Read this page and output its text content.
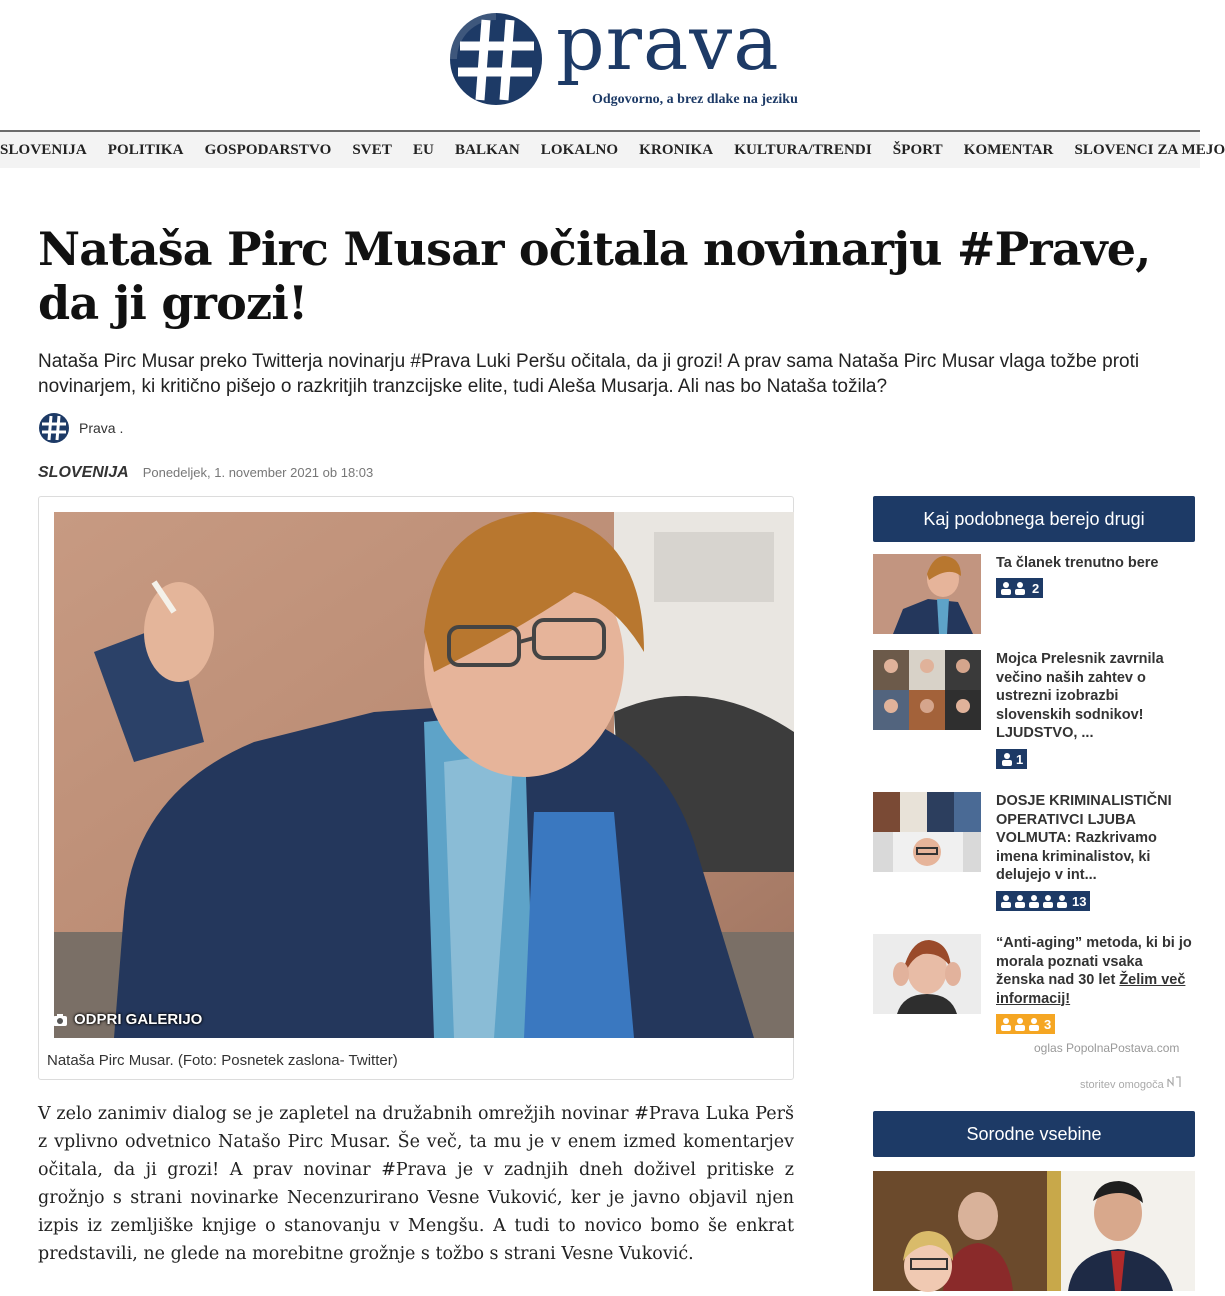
prava
Odgovorno, a brez dlake na jeziku
SLOVENIJA POLITIKA GOSPODARSTVO SVET EU BALKAN LOKALNO KRONIKA KULTURA/TRENDI ŠPORT KOMENTAR SLOVENCI ZA MEJO
Nataša Pirc Musar očitala novinarju #Prave, da ji grozi!

Nataša Pirc Musar preko Twitterja novinarju #Prava Luki Peršu očitala, da ji grozi! A prav sama Nataša Pirc Musar vlaga tožbe proti novinarjem, ki kritično pišejo o razkritjih tranzcijske elite, tudi Aleša Musarja. Ali nas bo Nataša tožila?

Prava .
SLOVENIJA Ponedeljek, 1. november 2021 ob 18:03
Nataša Pirc Musar. (Foto: Posnetek zaslona- Twitter)
ODPRI GALERIJO

V zelo zanimiv dialog se je zapletel na družabnih omrežjih novinar #Prava Luka Perš z vplivno odvetnico Natašo Pirc Musar. Še več, ta mu je v enem izmed komentarjev očitala, da ji grozi! A prav novinar #Prava je v zadnjih dneh doživel pritiske z grožnjo s strani novinarke Necenzurirano Vesne Vuković, ker je javno objavil njen izpis iz zemljiške knjige o stanovanju v Mengšu. A tudi to novico bomo še enkrat predstavili, ne glede na morebitne grožnje s tožbo s strani Vesne Vuković.

Kaj podobnega berejo drugi
Ta članek trenutno bere
2
Mojca Prelesnik zavrnila večino naših zahtev o ustrezni izobrazbi slovenskih sodnikov! LJUDSTVO, ...
1
DOSJE KRIMINALISTIČNI OPERATIVCI LJUBA VOLMUTA: Razkrivamo imena kriminalistov, ki delujejo v int...
13
“Anti-aging” metoda, ki bi jo morala poznati vsaka ženska nad 30 let Želim več informacij!
3
oglas PopolnaPostava.com
storitev omogoča
Sorodne vsebine
